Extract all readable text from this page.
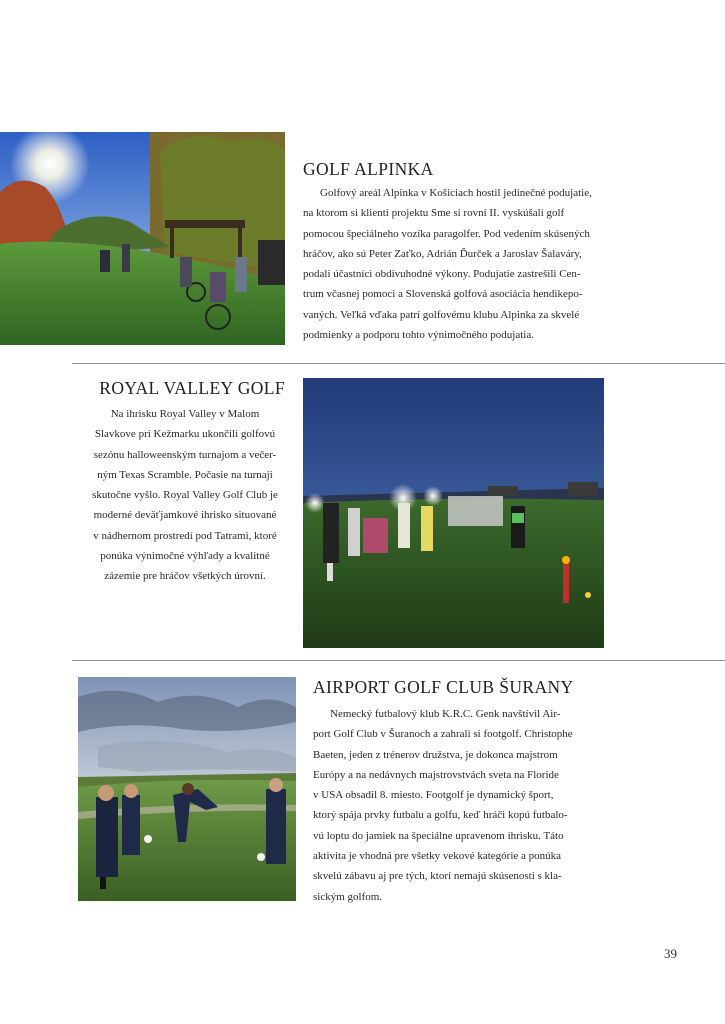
GOLF ALPINKA
Golfový areál Alpinka v Košiciach hostil jedinečné podujatie,
na ktorom si klienti projektu Sme si rovní II. vyskúšali golf
pomocou špeciálneho vozíka paragolfer. Pod vedením skúsených
hráčov, ako sú Peter Zaťko, Adrián Ďurček a Jaroslav Šalaváry,
podali účastníci obdivuhodné výkony. Podujatie zastrešili Cen-
trum včasnej pomoci a Slovenská golfová asociácia hendikepo-
vaných. Veľká vďaka patrí golfovému klubu Alpinka za skvelé
podmienky a podporu tohto výnimočného podujatia.
ROYAL VALLEY GOLF
Na ihrisku Royal Valley v Malom
Slavkove pri Kežmarku ukončili golfovú
sezónu halloweenským turnajom a večer-
ným Texas Scramble. Počasie na turnaji
skutočne vyšlo. Royal Valley Golf Club je
moderné deväťjamkové ihrisko situované
v nádhernom prostredí pod Tatrami, ktoré
ponúka výnimočné výhľady a kvalitné
zázemie pre hráčov všetkých úrovní.
AIRPORT GOLF CLUB ŠURANY
Nemecký futbalový klub K.R.C. Genk navštívil Air-
port Golf Club v Šuranoch a zahrali si footgolf. Christophe
Baeten, jeden z trénerov družstva, je dokonca majstrom
Európy a na nedávnych majstrovstvách sveta na Floride
v USA obsadil 8. miesto. Footgolf je dynamický šport,
ktorý spája prvky futbalu a golfu, keď hráči kopú futbalo-
vú loptu do jamiek na špeciálne upravenom ihrisku. Táto
aktivita je vhodná pre všetky vekové kategórie a ponúka
skvelú zábavu aj pre tých, ktorí nemajú skúsenosti s kla-
sickým golfom.
39
